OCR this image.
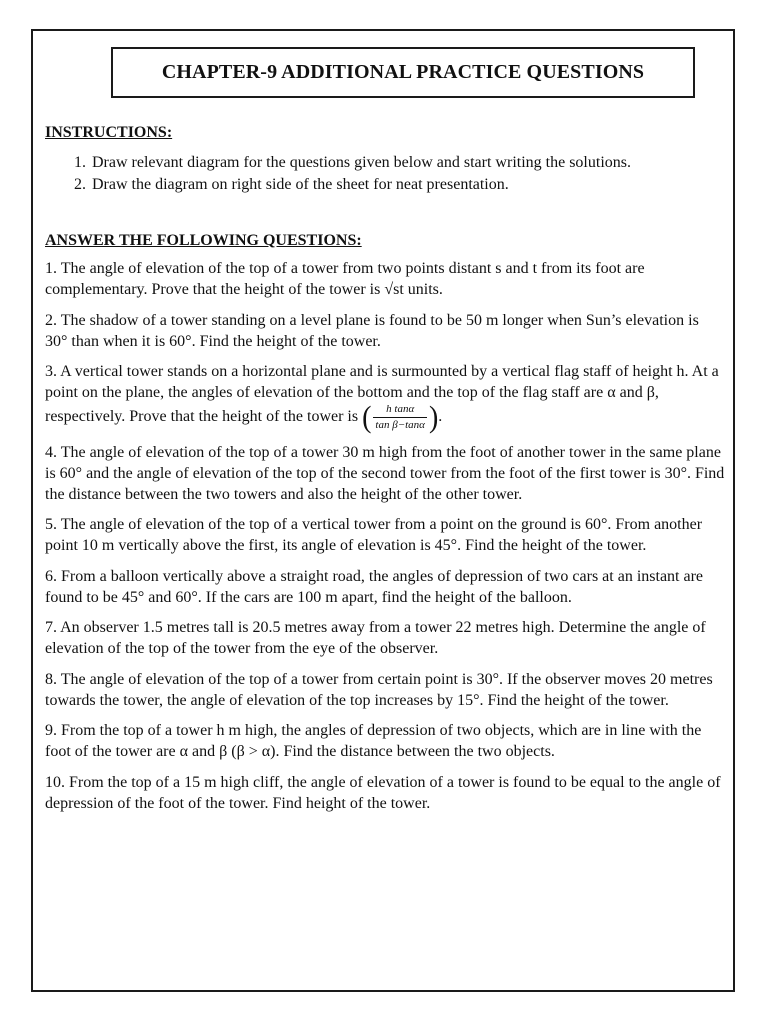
CHAPTER-9 ADDITIONAL PRACTICE QUESTIONS
INSTRUCTIONS:
1. Draw relevant diagram for the questions given below and start writing the solutions.
2. Draw the diagram on right side of the sheet for neat presentation.
ANSWER THE FOLLOWING QUESTIONS:

1. The angle of elevation of the top of a tower from two points distant s and t from its foot are complementary. Prove that the height of the tower is √st units.

2. The shadow of a tower standing on a level plane is found to be 50 m longer when Sun’s elevation is 30° than when it is 60°. Find the height of the tower.

3. A vertical tower stands on a horizontal plane and is surmounted by a vertical flag staff of height h. At a point on the plane, the angles of elevation of the bottom and the top of the flag staff are α and β, respectively. Prove that the height of the tower is ( $\frac{\text{h tanα}}{\text{tan β−tanα}}$ ) .

4. The angle of elevation of the top of a tower 30 m high from the foot of another tower in the same plane is 60° and the angle of elevation of the top of the second tower from the foot of the first tower is 30°. Find the distance between the two towers and also the height of the other tower.

5. The angle of elevation of the top of a vertical tower from a point on the ground is 60°. From another point 10 m vertically above the first, its angle of elevation is 45°. Find the height of the tower.

6. From a balloon vertically above a straight road, the angles of depression of two cars at an instant are found to be 45° and 60°. If the cars are 100 m apart, find the height of the balloon.

7. An observer 1.5 metres tall is 20.5 metres away from a tower 22 metres high. Determine the angle of elevation of the top of the tower from the eye of the observer.

8. The angle of elevation of the top of a tower from certain point is 30°. If the observer moves 20 metres towards the tower, the angle of elevation of the top increases by 15°. Find the height of the tower.

9. From the top of a tower h m high, the angles of depression of two objects, which are in line with the foot of the tower are α and β (β > α). Find the distance between the two objects.

10. From the top of a 15 m high cliff, the angle of elevation of a tower is found to be equal to the angle of depression of the foot of the tower. Find height of the tower.
